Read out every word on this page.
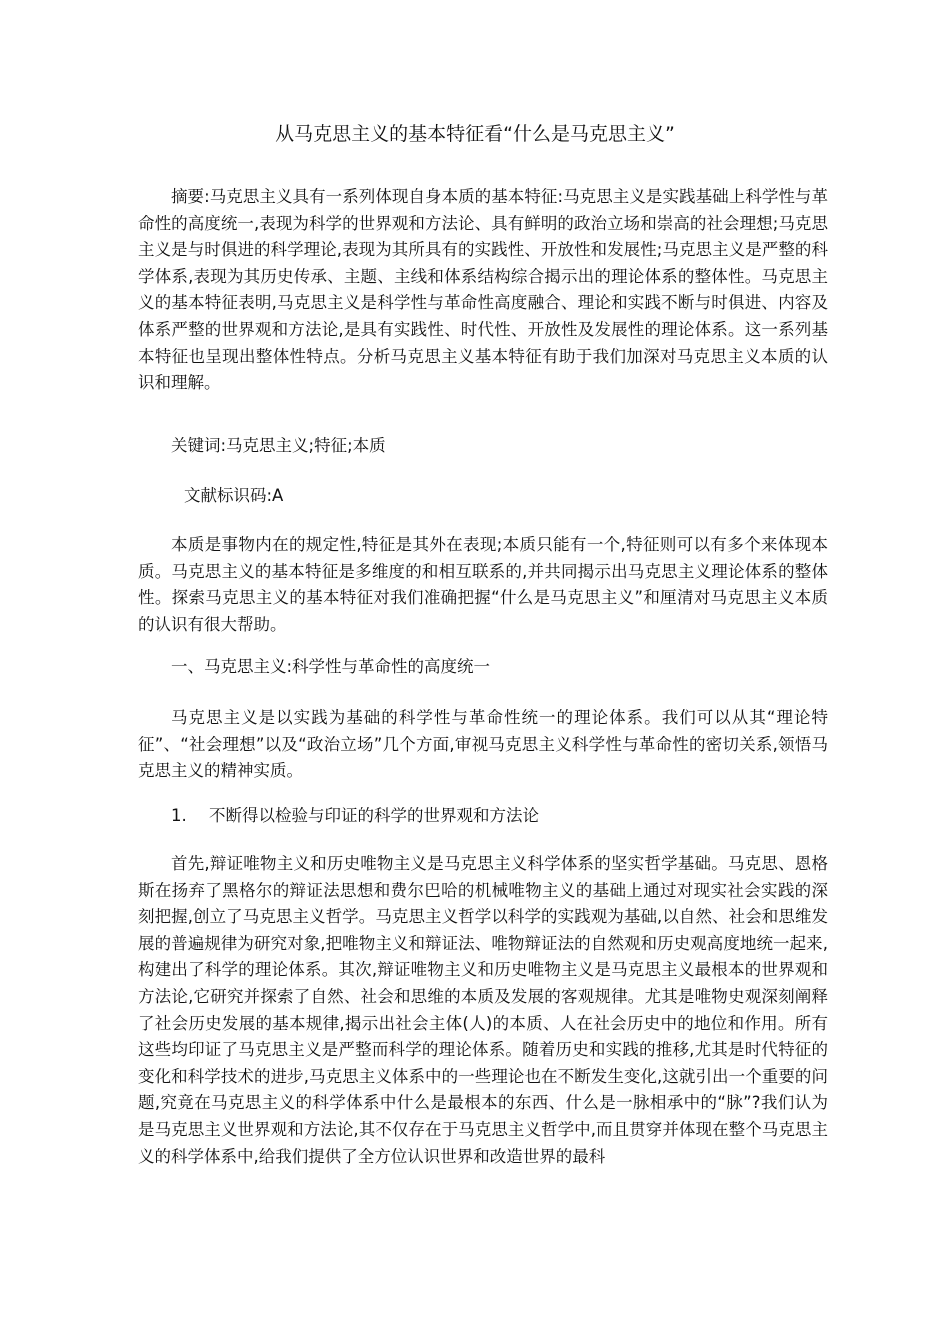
从马克思主义的基本特征看“什么是马克思主义”

摘要:马克思主义具有一系列体现自身本质的基本特征:马克思主义是实践基础上科学性与革命性的高度统一,表现为科学的世界观和方法论、具有鲜明的政治立场和崇高的社会理想;马克思主义是与时俱进的科学理论,表现为其所具有的实践性、开放性和发展性;马克思主义是严整的科学体系,表现为其历史传承、主题、主线和体系结构综合揭示出的理论体系的整体性。马克思主义的基本特征表明,马克思主义是科学性与革命性高度融合、理论和实践不断与时俱进、内容及体系严整的世界观和方法论,是具有实践性、时代性、开放性及发展性的理论体系。这一系列基本特征也呈现出整体性特点。分析马克思主义基本特征有助于我们加深对马克思主义本质的认识和理解。

关键词:马克思主义;特征;本质

文献标识码:A

本质是事物内在的规定性,特征是其外在表现;本质只能有一个,特征则可以有多个来体现本质。马克思主义的基本特征是多维度的和相互联系的,并共同揭示出马克思主义理论体系的整体性。探索马克思主义的基本特征对我们准确把握“什么是马克思主义”和厘清对马克思主义本质的认识有很大帮助。

一、马克思主义:科学性与革命性的高度统一

马克思主义是以实践为基础的科学性与革命性统一的理论体系。我们可以从其“理论特征”、“社会理想”以及“政治立场”几个方面,审视马克思主义科学性与革命性的密切关系,领悟马克思主义的精神实质。

1. 不断得以检验与印证的科学的世界观和方法论

首先,辩证唯物主义和历史唯物主义是马克思主义科学体系的坚实哲学基础。马克思、恩格斯在扬弃了黑格尔的辩证法思想和费尔巴哈的机械唯物主义的基础上通过对现实社会实践的深刻把握,创立了马克思主义哲学。马克思主义哲学以科学的实践观为基础,以自然、社会和思维发展的普遍规律为研究对象,把唯物主义和辩证法、唯物辩证法的自然观和历史观高度地统一起来,构建出了科学的理论体系。其次,辩证唯物主义和历史唯物主义是马克思主义最根本的世界观和方法论,它研究并探索了自然、社会和思维的本质及发展的客观规律。尤其是唯物史观深刻阐释了社会历史发展的基本规律,揭示出社会主体(人)的本质、人在社会历史中的地位和作用。所有这些均印证了马克思主义是严整而科学的理论体系。随着历史和实践的推移,尤其是时代特征的变化和科学技术的进步,马克思主义体系中的一些理论也在不断发生变化,这就引出一个重要的问题,究竟在马克思主义的科学体系中什么是最根本的东西、什么是一脉相承中的“脉”?我们认为是马克思主义世界观和方法论,其不仅存在于马克思主义哲学中,而且贯穿并体现在整个马克思主义的科学体系中,给我们提供了全方位认识世界和改造世界的最科
